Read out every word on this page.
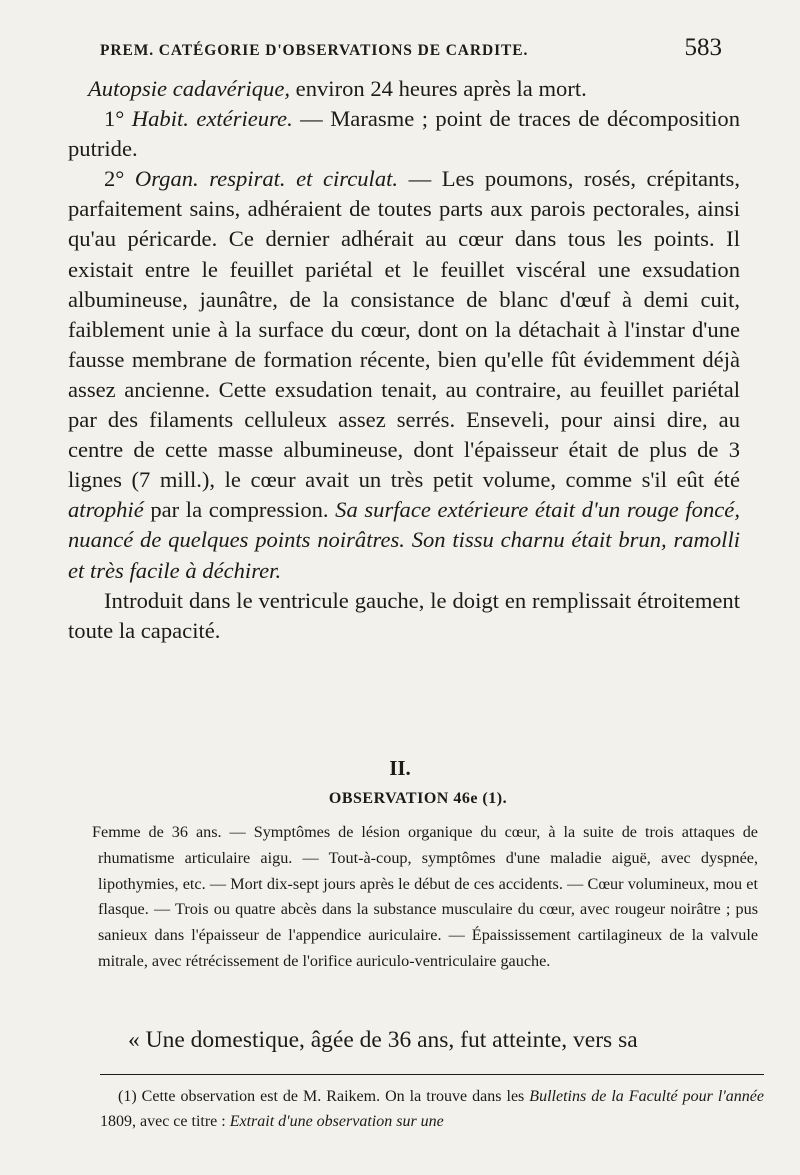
PREM. CATÉGORIE D'OBSERVATIONS DE CARDITE.	583

Autopsie cadavérique, environ 24 heures après la mort.

1° Habit. extérieure. — Marasme ; point de traces de décomposition putride.

2° Organ. respirat. et circulat. — Les poumons, rosés, crépitants, parfaitement sains, adhéraient de toutes parts aux parois pectorales, ainsi qu'au péricarde. Ce dernier adhérait au cœur dans tous les points. Il existait entre le feuillet pariétal et le feuillet viscéral une exsudation albumineuse, jaunâtre, de la consistance de blanc d'œuf à demi cuit, faiblement unie à la surface du cœur, dont on la détachait à l'instar d'une fausse membrane de formation récente, bien qu'elle fût évidemment déjà assez ancienne. Cette exsudation tenait, au contraire, au feuillet pariétal par des filaments celluleux assez serrés. Enseveli, pour ainsi dire, au centre de cette masse albumineuse, dont l'épaisseur était de plus de 3 lignes (7 mill.), le cœur avait un très petit volume, comme s'il eût été atrophié par la compression. Sa surface extérieure était d'un rouge foncé, nuancé de quelques points noirâtres. Son tissu charnu était brun, ramolli et très facile à déchirer.

Introduit dans le ventricule gauche, le doigt en remplissait étroitement toute la capacité.

II.
OBSERVATION 46e (1).

Femme de 36 ans. — Symptômes de lésion organique du cœur, à la suite de trois attaques de rhumatisme articulaire aigu. — Tout-à-coup, symptômes d'une maladie aiguë, avec dyspnée, lipothymies, etc. — Mort dix-sept jours après le début de ces accidents. — Cœur volumineux, mou et flasque. — Trois ou quatre abcès dans la substance musculaire du cœur, avec rougeur noirâtre ; pus sanieux dans l'épaisseur de l'appendice auriculaire. — Épaississement cartilagineux de la valvule mitrale, avec rétrécissement de l'orifice auriculo-ventriculaire gauche.

« Une domestique, âgée de 36 ans, fut atteinte, vers sa

(1) Cette observation est de M. Raikem. On la trouve dans les Bulletins de la Faculté pour l'année 1809, avec ce titre : Extrait d'une observation sur une
